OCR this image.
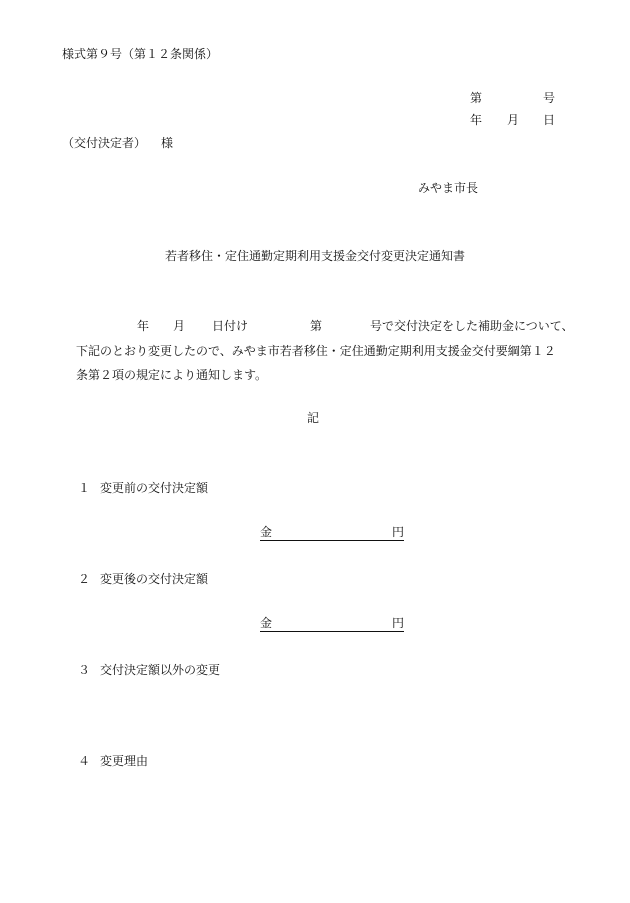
様式第９号（第１２条関係）
第	号
年 月 日
（交付決定者） 様
みやま市長
若者移住・定住通勤定期利用支援金交付変更決定通知書
年 月 日付け	第	号で交付決定をした補助金について、
下記のとおり変更したので、みやま市若者移住・定住通勤定期利用支援金交付要綱第１２
条第２項の規定により通知します。
記
１ 変更前の交付決定額
金	円
２ 変更後の交付決定額
金	円
３ 交付決定額以外の変更
４ 変更理由
